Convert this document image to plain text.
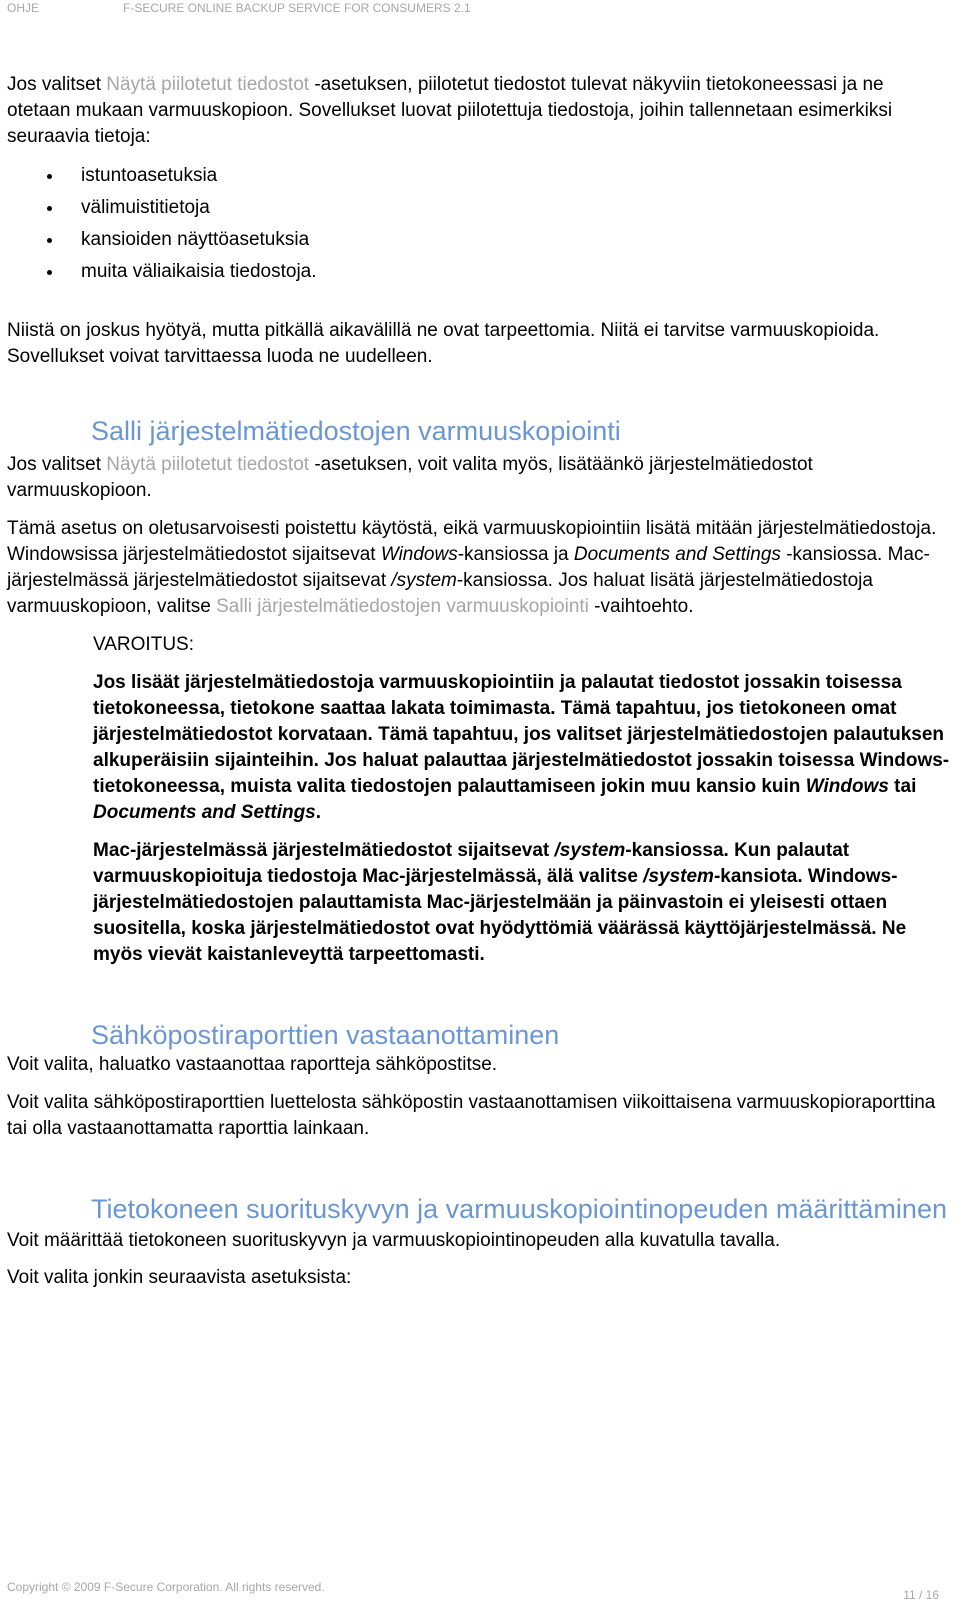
OHJE	F-SECURE ONLINE BACKUP SERVICE FOR CONSUMERS 2.1

Jos valitset Näytä piilotetut tiedostot -asetuksen, piilotetut tiedostot tulevat näkyviin tietokoneessasi ja ne otetaan mukaan varmuuskopioon. Sovellukset luovat piilotettuja tiedostoja, joihin tallennetaan esimerkiksi seuraavia tietoja:

istuntoasetuksia
välimuistitietoja
kansioiden näyttöasetuksia
muita väliaikaisia tiedostoja.

Niistä on joskus hyötyä, mutta pitkällä aikavälillä ne ovat tarpeettomia. Niitä ei tarvitse varmuuskopioida. Sovellukset voivat tarvittaessa luoda ne uudelleen.

Salli järjestelmätiedostojen varmuuskopiointi

Jos valitset Näytä piilotetut tiedostot -asetuksen, voit valita myös, lisätäänkö järjestelmätiedostot varmuuskopioon.

Tämä asetus on oletusarvoisesti poistettu käytöstä, eikä varmuuskopiointiin lisätä mitään järjestelmätiedostoja. Windowsissa järjestelmätiedostot sijaitsevat Windows-kansiossa ja Documents and Settings -kansiossa. Mac-järjestelmässä järjestelmätiedostot sijaitsevat /system-kansiossa. Jos haluat lisätä järjestelmätiedostoja varmuuskopioon, valitse Salli järjestelmätiedostojen varmuuskopiointi -vaihtoehto.

VAROITUS:

Jos lisäät järjestelmätiedostoja varmuuskopiointiin ja palautat tiedostot jossakin toisessa tietokoneessa, tietokone saattaa lakata toimimasta. Tämä tapahtuu, jos tietokoneen omat järjestelmätiedostot korvataan. Tämä tapahtuu, jos valitset järjestelmätiedostojen palautuksen alkuperäisiin sijainteihin. Jos haluat palauttaa järjestelmätiedostot jossakin toisessa Windows-tietokoneessa, muista valita tiedostojen palauttamiseen jokin muu kansio kuin Windows tai Documents and Settings.

Mac-järjestelmässä järjestelmätiedostot sijaitsevat /system-kansiossa. Kun palautat varmuuskopioituja tiedostoja Mac-järjestelmässä, älä valitse /system-kansiota. Windows-järjestelmätiedostojen palauttamista Mac-järjestelmään ja päinvastoin ei yleisesti ottaen suositella, koska järjestelmätiedostot ovat hyödyttömiä väärässä käyttöjärjestelmässä. Ne myös vievät kaistanleveyttä tarpeettomasti.

Sähköpostiraporttien vastaanottaminen

Voit valita, haluatko vastaanottaa raportteja sähköpostitse.

Voit valita sähköpostiraporttien luettelosta sähköpostin vastaanottamisen viikoittaisena varmuuskopioraporttina tai olla vastaanottamatta raporttia lainkaan.

Tietokoneen suorituskyvyn ja varmuuskopiointinopeuden määrittäminen

Voit määrittää tietokoneen suorituskyvyn ja varmuuskopiointinopeuden alla kuvatulla tavalla.

Voit valita jonkin seuraavista asetuksista:

Copyright © 2009 F-Secure Corporation. All rights reserved.
11 / 16
